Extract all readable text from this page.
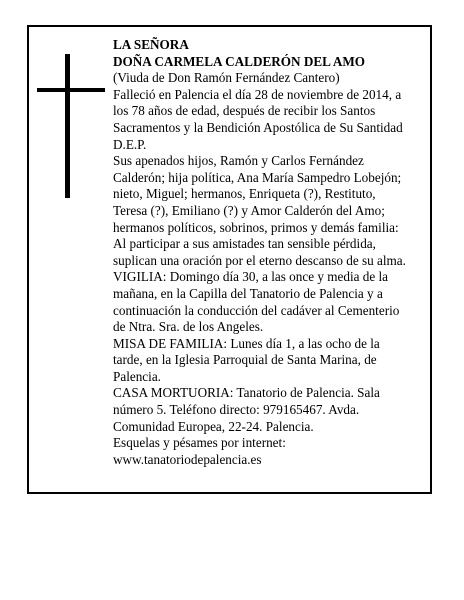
LA SEÑORA
DOÑA CARMELA CALDERÓN DEL AMO
(Viuda de Don Ramón Fernández Cantero)
Falleció en Palencia el día 28 de noviembre de 2014, a
los 78 años de edad, después de recibir los Santos
Sacramentos y la Bendición Apostólica de Su Santidad
D.E.P.
Sus apenados hijos, Ramón y Carlos Fernández
Calderón; hija política, Ana María Sampedro Lobejón;
nieto, Miguel; hermanos, Enriqueta (?), Restituto,
Teresa (?), Emiliano (?) y Amor Calderón del Amo;
hermanos políticos, sobrinos, primos y demás familia:
Al participar a sus amistades tan sensible pérdida,
suplican una oración por el eterno descanso de su alma.
VIGILIA: Domingo día 30, a las once y media de la
mañana, en la Capilla del Tanatorio de Palencia y a
continuación la conducción del cadáver al Cementerio
de Ntra. Sra. de los Angeles.
MISA DE FAMILIA: Lunes día 1, a las ocho de la
tarde, en la Iglesia Parroquial de Santa Marina, de
Palencia.
CASA MORTUORIA: Tanatorio de Palencia. Sala
número 5. Teléfono directo: 979165467. Avda.
Comunidad Europea, 22-24. Palencia.
Esquelas y pésames por internet:
www.tanatoriodepalencia.es
